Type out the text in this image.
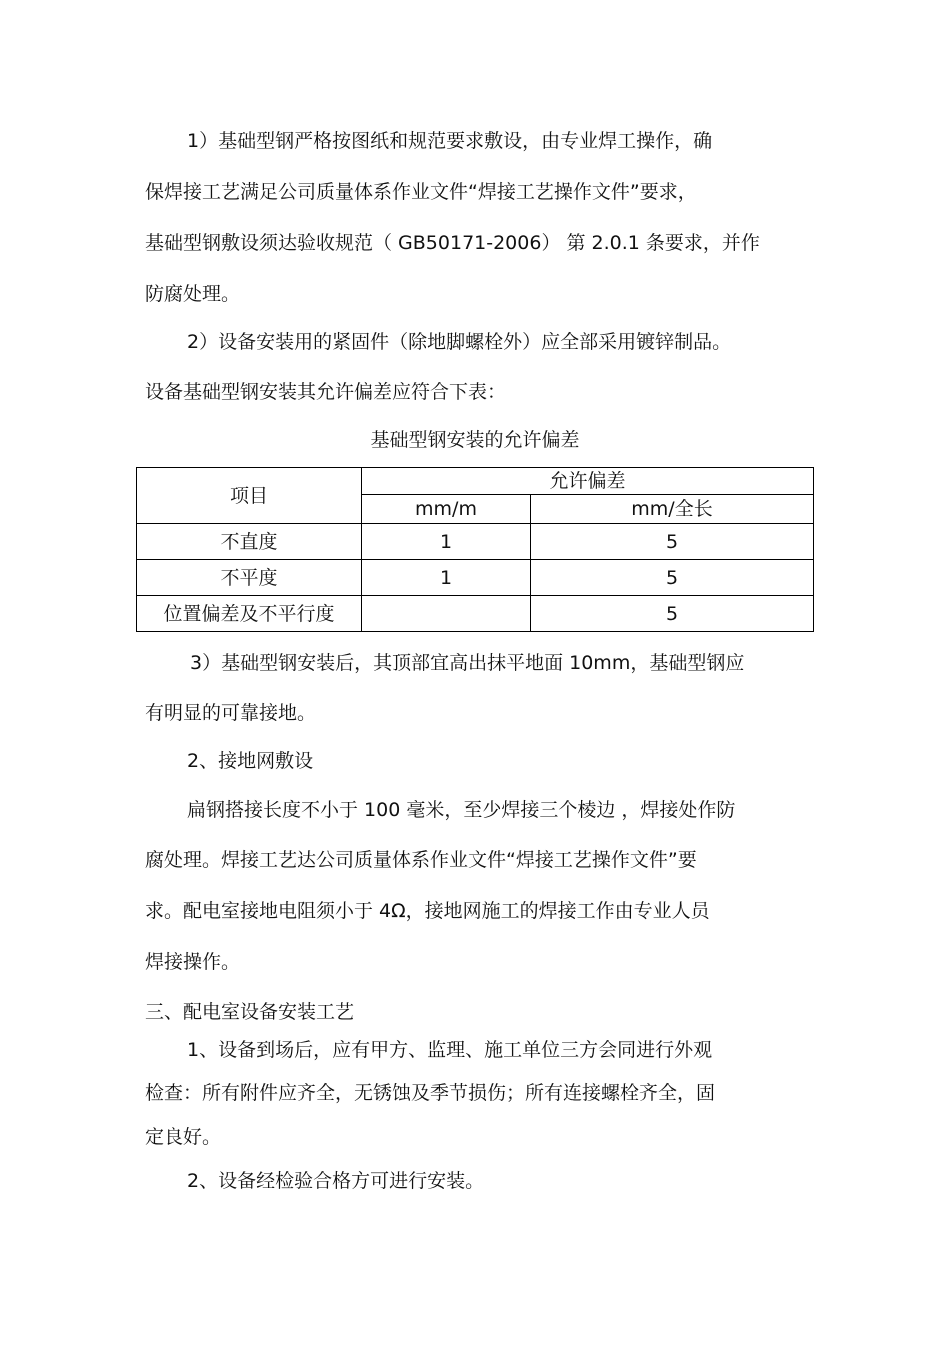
1）基础型钢严格按图纸和规范要求敷设，由专业焊工操作，确
保焊接工艺满足公司质量体系作业文件“焊接工艺操作文件”要求，
基础型钢敷设须达验收规范（ GB50171-2006） 第 2.0.1 条要求，并作
防腐处理。
2）设备安装用的紧固件（除地脚螺栓外）应全部采用镀锌制品。
设备基础型钢安装其允许偏差应符合下表：
基础型钢安装的允许偏差
项目	允许偏差	
	mm/m	mm/全长
不直度	1	5
不平度	1	5
位置偏差及不平行度		5
3）基础型钢安装后，其顶部宜高出抹平地面 10mm，基础型钢应
有明显的可靠接地。
2、接地网敷设
扁钢搭接长度不小于 100 毫米，至少焊接三个棱边 ，焊接处作防
腐处理。焊接工艺达公司质量体系作业文件“焊接工艺操作文件”要
求。配电室接地电阻须小于 4Ω，接地网施工的焊接工作由专业人员
焊接操作。
三、配电室设备安装工艺
1、设备到场后，应有甲方、监理、施工单位三方会同进行外观
检查：所有附件应齐全，无锈蚀及季节损伤；所有连接螺栓齐全，固
定良好。
2、设备经检验合格方可进行安装。
